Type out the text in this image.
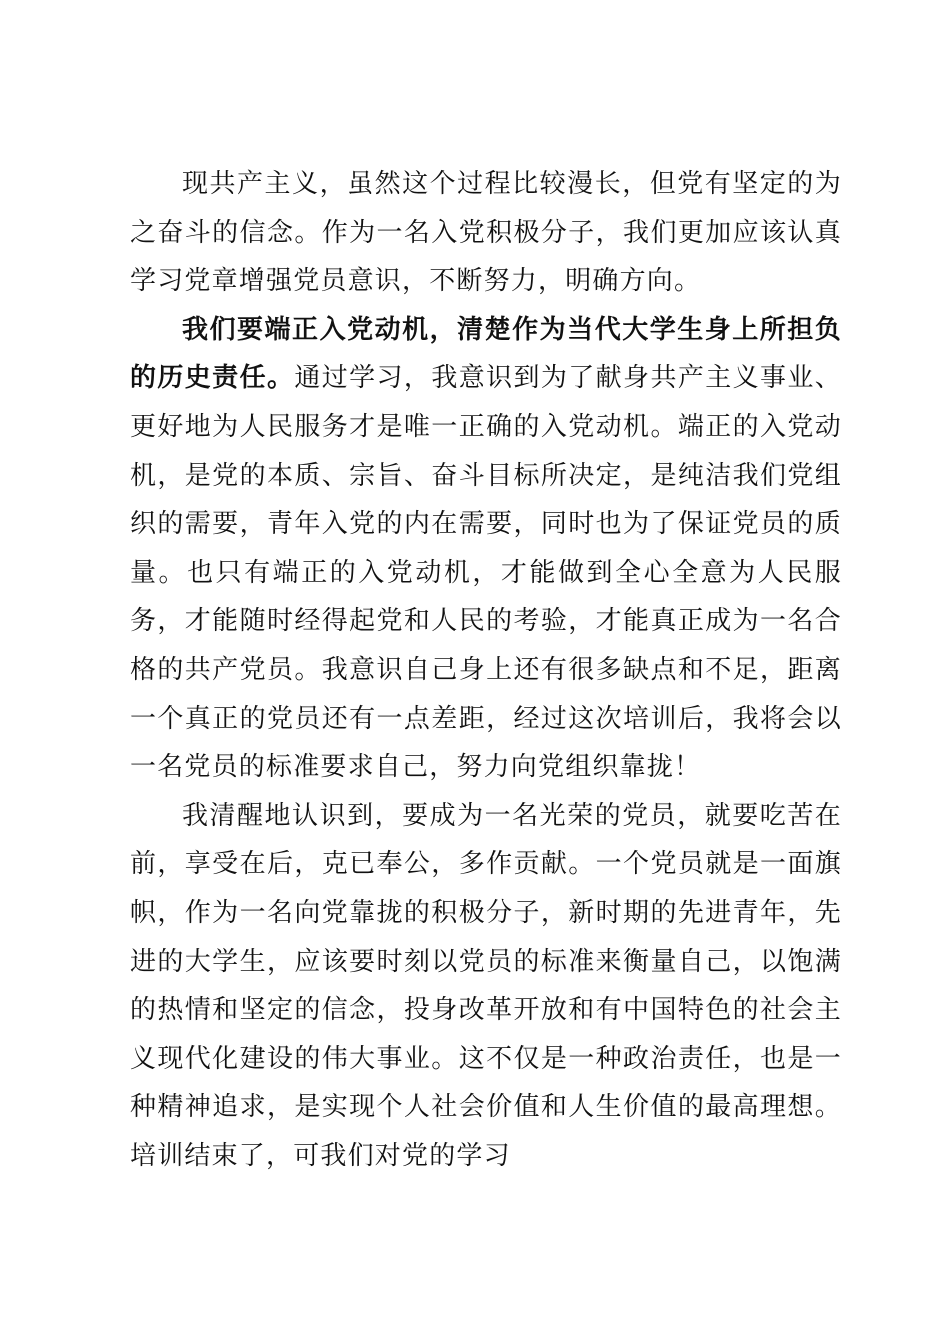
现共产主义，虽然这个过程比较漫长，但党有坚定的为之奋斗的信念。作为一名入党积极分子，我们更加应该认真学习党章增强党员意识，不断努力，明确方向。

我们要端正入党动机，清楚作为当代大学生身上所担负的历史责任。通过学习，我意识到为了献身共产主义事业、更好地为人民服务才是唯一正确的入党动机。端正的入党动机，是党的本质、宗旨、奋斗目标所决定，是纯洁我们党组织的需要，青年入党的内在需要，同时也为了保证党员的质量。也只有端正的入党动机，才能做到全心全意为人民服务，才能随时经得起党和人民的考验，才能真正成为一名合格的共产党员。我意识自己身上还有很多缺点和不足，距离一个真正的党员还有一点差距，经过这次培训后，我将会以一名党员的标准要求自己，努力向党组织靠拢！

我清醒地认识到，要成为一名光荣的党员，就要吃苦在前，享受在后，克已奉公，多作贡献。一个党员就是一面旗帜，作为一名向党靠拢的积极分子，新时期的先进青年，先进的大学生，应该要时刻以党员的标准来衡量自己，以饱满的热情和坚定的信念，投身改革开放和有中国特色的社会主义现代化建设的伟大事业。这不仅是一种政治责任，也是一种精神追求，是实现个人社会价值和人生价值的最高理想。培训结束了，可我们对党的学习
